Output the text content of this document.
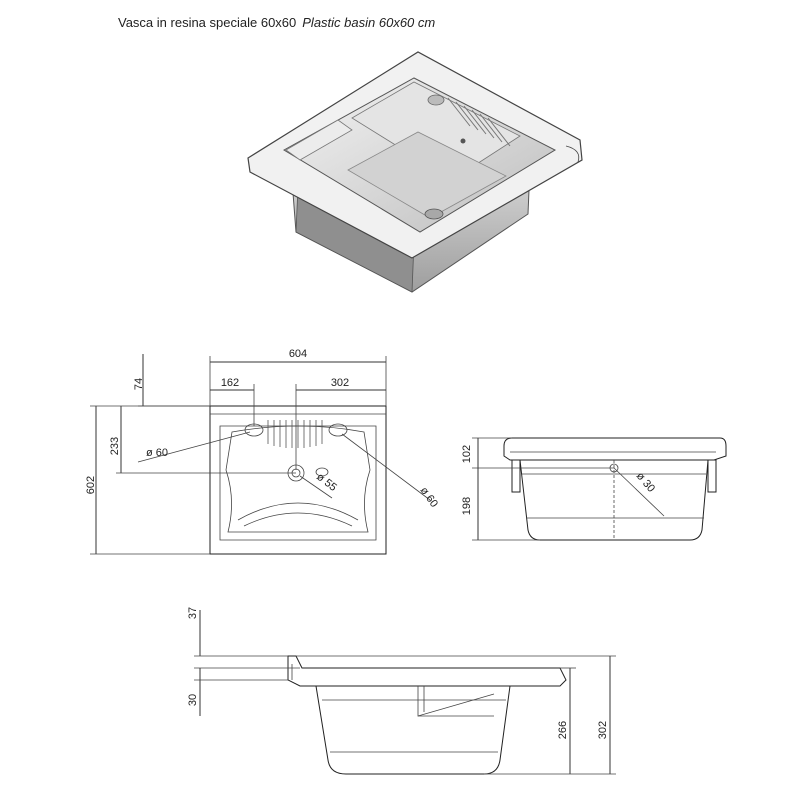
Vasca in resina speciale 60x60 Plastic basin 60x60 cm
604
162	302
74
233
602
ø 60
ø 55
ø 60
ø 30
102
198
37
30
266	302
